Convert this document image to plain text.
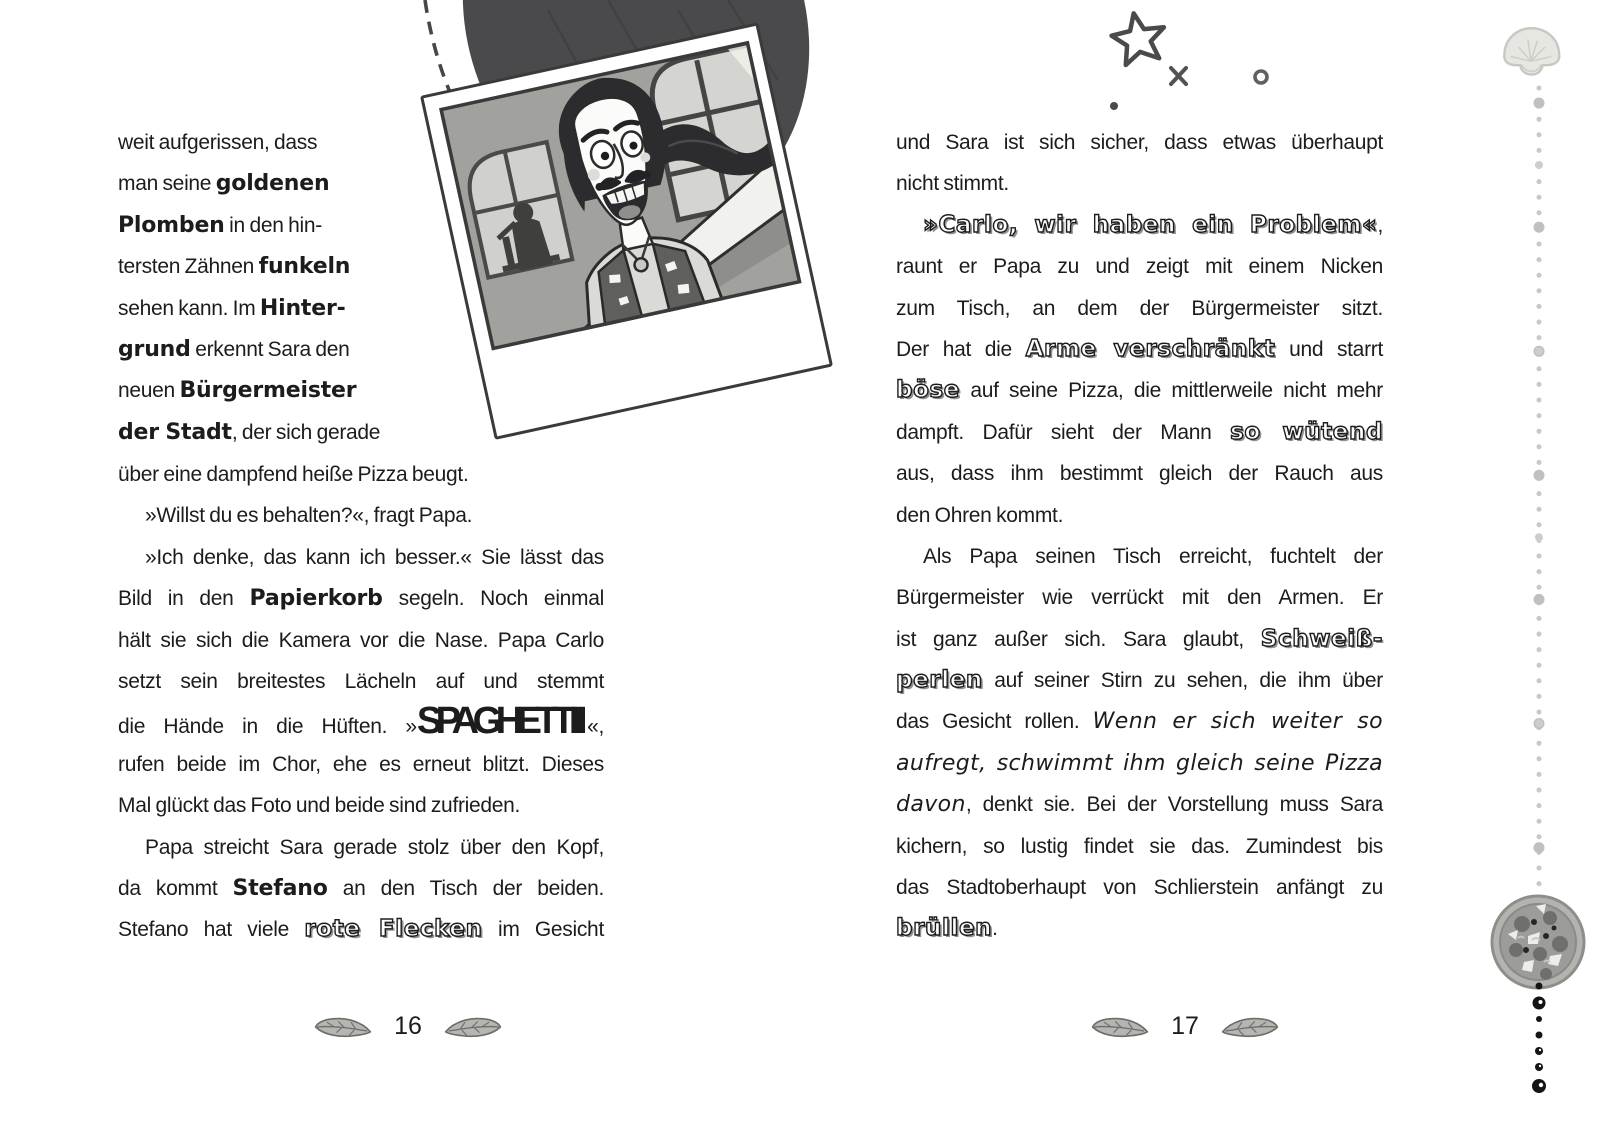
weit aufgerissen, dass
man seine goldenen
Plomben in den hin-
tersten Zähnen funkeln
sehen kann. Im Hinter-
grund erkennt Sara den
neuen Bürgermeister
der Stadt, der sich gerade
über eine dampfend heiße Pizza beugt.
»Willst du es behalten?«, fragt Papa.
»Ich denke, das kann ich besser.« Sie lässt das
Bild in den Papierkorb segeln. Noch einmal
hält sie sich die Kamera vor die Nase. Papa Carlo
setzt sein breitestes Lächeln auf und stemmt
die Hände in die Hüften. »SPAGHETTIII «,
rufen beide im Chor, ehe es erneut blitzt. Dieses
Mal glückt das Foto und beide sind zufrieden.
Papa streicht Sara gerade stolz über den Kopf,
da kommt Stefano an den Tisch der beiden.
Stefano hat viele rote Flecken im Gesicht
und Sara ist sich sicher, dass etwas überhaupt
nicht stimmt.
»Carlo, wir haben ein Problem«,
raunt er Papa zu und zeigt mit einem Nicken
zum Tisch, an dem der Bürgermeister sitzt.
Der hat die Arme verschränkt und starrt
böse auf seine Pizza, die mittlerweile nicht mehr
dampft. Dafür sieht der Mann so wütend
aus, dass ihm bestimmt gleich der Rauch aus
den Ohren kommt.
Als Papa seinen Tisch erreicht, fuchtelt der
Bürgermeister wie verrückt mit den Armen. Er
ist ganz außer sich. Sara glaubt, Schweiß-
perlen auf seiner Stirn zu sehen, die ihm über
das Gesicht rollen. Wenn er sich weiter so
aufregt, schwimmt ihm gleich seine Pizza
davon, denkt sie. Bei der Vorstellung muss Sara
kichern, so lustig findet sie das. Zumindest bis
das Stadtoberhaupt von Schlierstein anfängt zu
brüllen.
16	17
